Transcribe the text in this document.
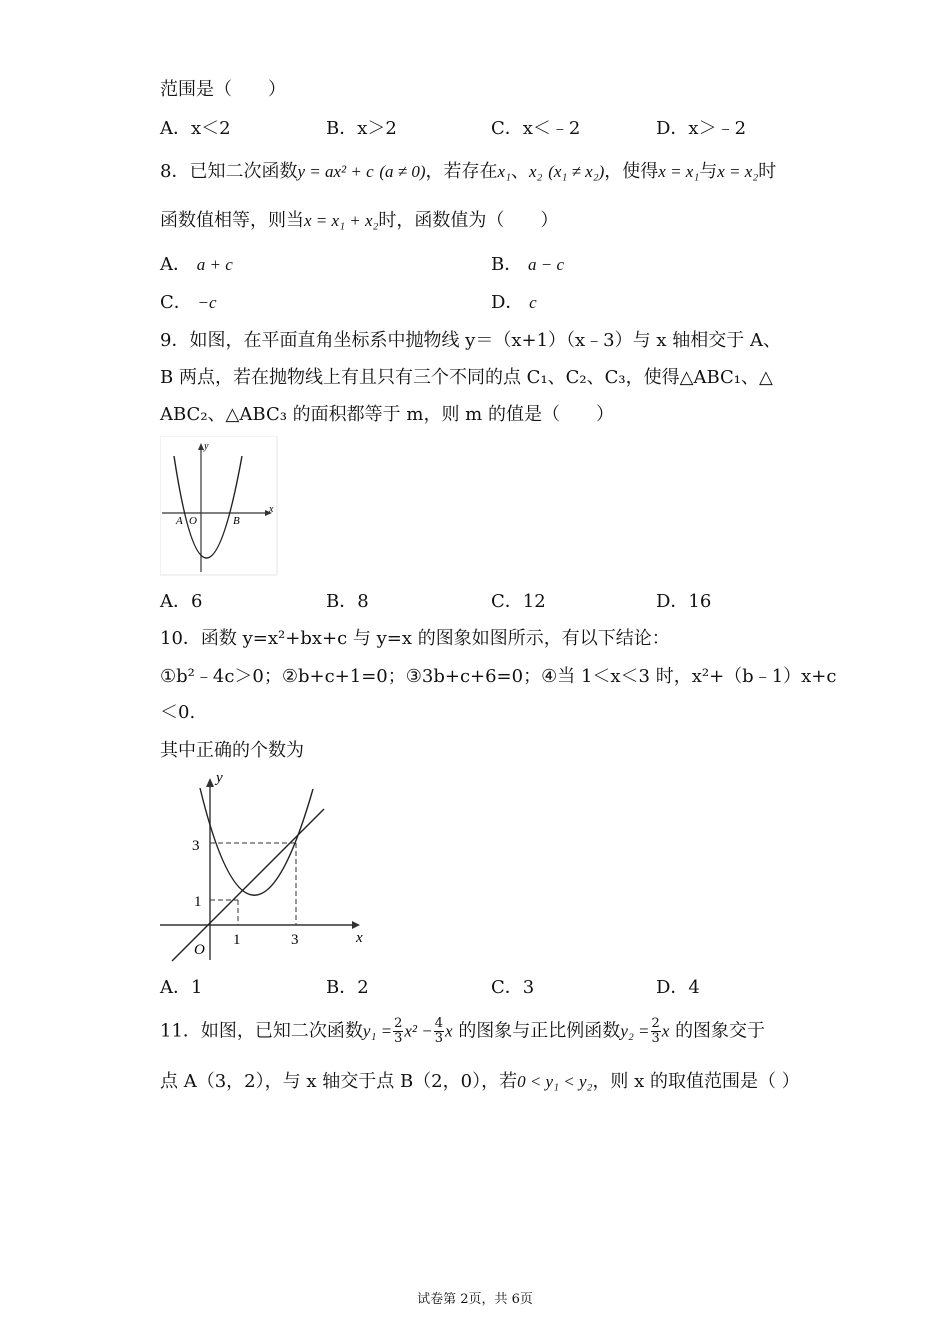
范围是（　　）
A．x＜2	B．x＞2	C．x＜﹣2	D．x＞﹣2
8．已知二次函数y = ax² + c (a ≠ 0)，若存在x₁、x₂ (x₁ ≠ x₂)，使得x = x₁与x = x₂时
函数值相等，则当x = x₁ + x₂时，函数值为（　　）
A． a + c	B． a − c
C． −c	D． c
9．如图，在平面直角坐标系中抛物线 y＝（x+1）（x﹣3）与 x 轴相交于 A、
B 两点，若在抛物线上有且只有三个不同的点 C₁、C₂、C₃，使得△ABC₁、△
ABC₂、△ABC₃ 的面积都等于 m，则 m 的值是（　　）
y
x
A O	B
A．6	B．8	C．12	D．16
10．函数 y=x²+bx+c 与 y=x 的图象如图所示，有以下结论：
①b²﹣4c＞0；②b+c+1=0；③3b+c+6=0；④当 1＜x＜3 时，x²+（b﹣1）x+c
＜0.
其中正确的个数为
y
x
O
3
1
1	3
A．1	B．2	C．3	D．4
11．如图，已知二次函数$y_1 = \frac{2}{3} x^2 - \frac{4}{3}$ x 的图象与正比例函数$y_2 = \frac{2}{3}$ x 的图象交于
点 A（3，2），与 x 轴交于点 B（2，0），若0 < y₁ < y₂，则 x 的取值范围是（ ）
试卷第 2页，共 6页
